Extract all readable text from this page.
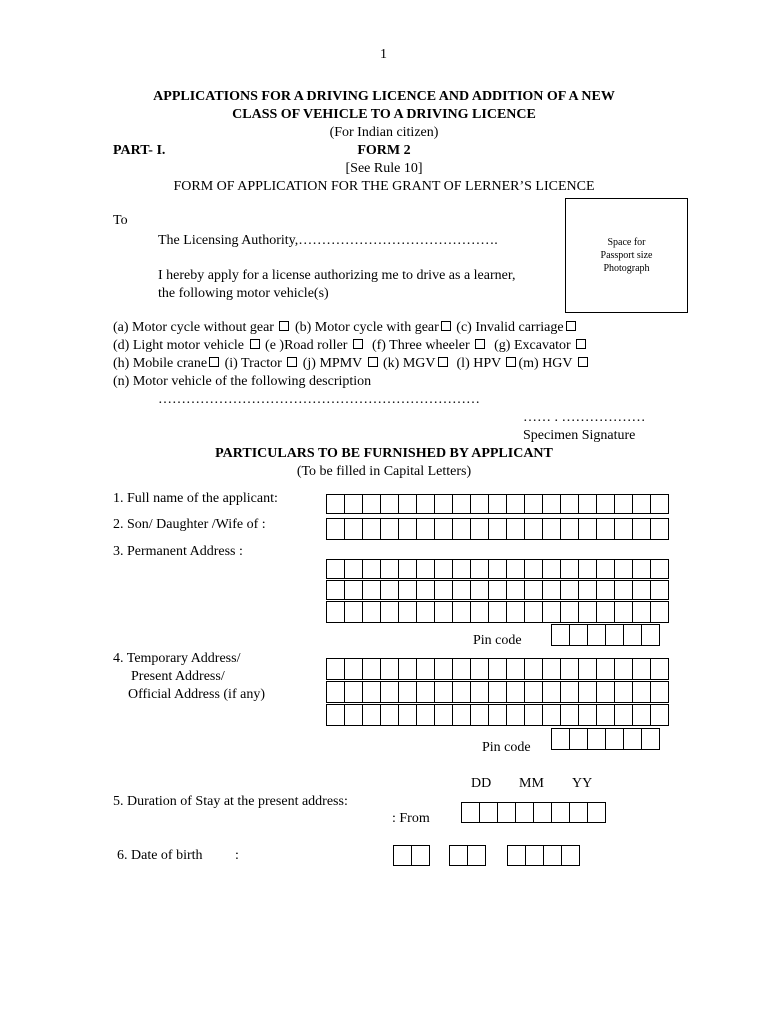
1
APPLICATIONS FOR A DRIVING LICENCE AND ADDITION OF A NEW
CLASS OF VEHICLE TO A DRIVING LICENCE
(For Indian citizen)
PART- I.	FORM 2
[See Rule 10]
FORM OF APPLICATION FOR THE GRANT OF LERNER’S LICENCE
To
The Licensing Authority,…………………………………….
I hereby apply for a license authorizing me to drive as a learner,
the following motor vehicle(s)
Space for
Passport size
Photograph
(a) Motor cycle without gear (b) Motor cycle with gear (c) Invalid carriage
(d) Light motor vehicle (e )Road roller (f) Three wheeler (g) Excavator
(h) Mobile crane (i) Tractor (j) MPMV (k) MGV (l) HPV (m) HGV
(n) Motor vehicle of the following description
……………………………………………………………
…… . ………………
Specimen Signature
PARTICULARS TO BE FURNISHED BY APPLICANT
(To be filled in Capital Letters)
1. Full name of the applicant:
2. Son/ Daughter /Wife of :
3. Permanent Address :
Pin code
4. Temporary Address/
Present Address/
Official Address (if any)
Pin code
DD MM YY
5. Duration of Stay at the present address:
: From
6. Date of birth :
